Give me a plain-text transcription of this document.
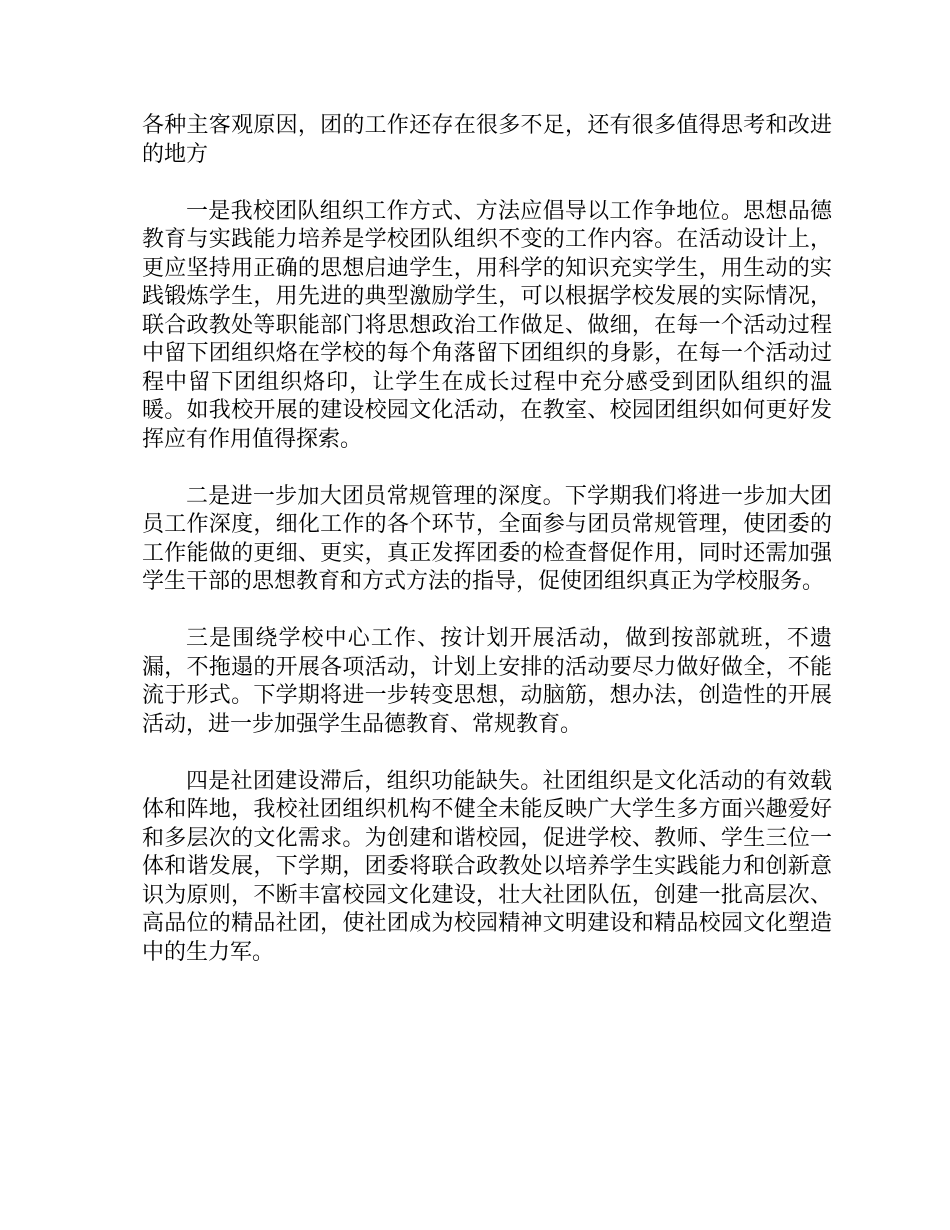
各种主客观原因，团的工作还存在很多不足，还有很多值得思考和改进的地方

一是我校团队组织工作方式、方法应倡导以工作争地位。思想品德教育与实践能力培养是学校团队组织不变的工作内容。在活动设计上，更应坚持用正确的思想启迪学生，用科学的知识充实学生，用生动的实践锻炼学生，用先进的典型激励学生，可以根据学校发展的实际情况，联合政教处等职能部门将思想政治工作做足、做细，在每一个活动过程中留下团组织烙在学校的每个角落留下团组织的身影，在每一个活动过程中留下团组织烙印，让学生在成长过程中充分感受到团队组织的温暖。如我校开展的建设校园文化活动，在教室、校园团组织如何更好发挥应有作用值得探索。

二是进一步加大团员常规管理的深度。下学期我们将进一步加大团员工作深度，细化工作的各个环节，全面参与团员常规管理，使团委的工作能做的更细、更实，真正发挥团委的检查督促作用，同时还需加强学生干部的思想教育和方式方法的指导，促使团组织真正为学校服务。

三是围绕学校中心工作、按计划开展活动，做到按部就班，不遗漏，不拖遢的开展各项活动，计划上安排的活动要尽力做好做全，不能流于形式。下学期将进一步转变思想，动脑筋，想办法，创造性的开展活动，进一步加强学生品德教育、常规教育。

四是社团建设滞后，组织功能缺失。社团组织是文化活动的有效载体和阵地，我校社团组织机构不健全未能反映广大学生多方面兴趣爱好和多层次的文化需求。为创建和谐校园，促进学校、教师、学生三位一体和谐发展，下学期，团委将联合政教处以培养学生实践能力和创新意识为原则，不断丰富校园文化建设，壮大社团队伍，创建一批高层次、高品位的精品社团，使社团成为校园精神文明建设和精品校园文化塑造中的生力军。
